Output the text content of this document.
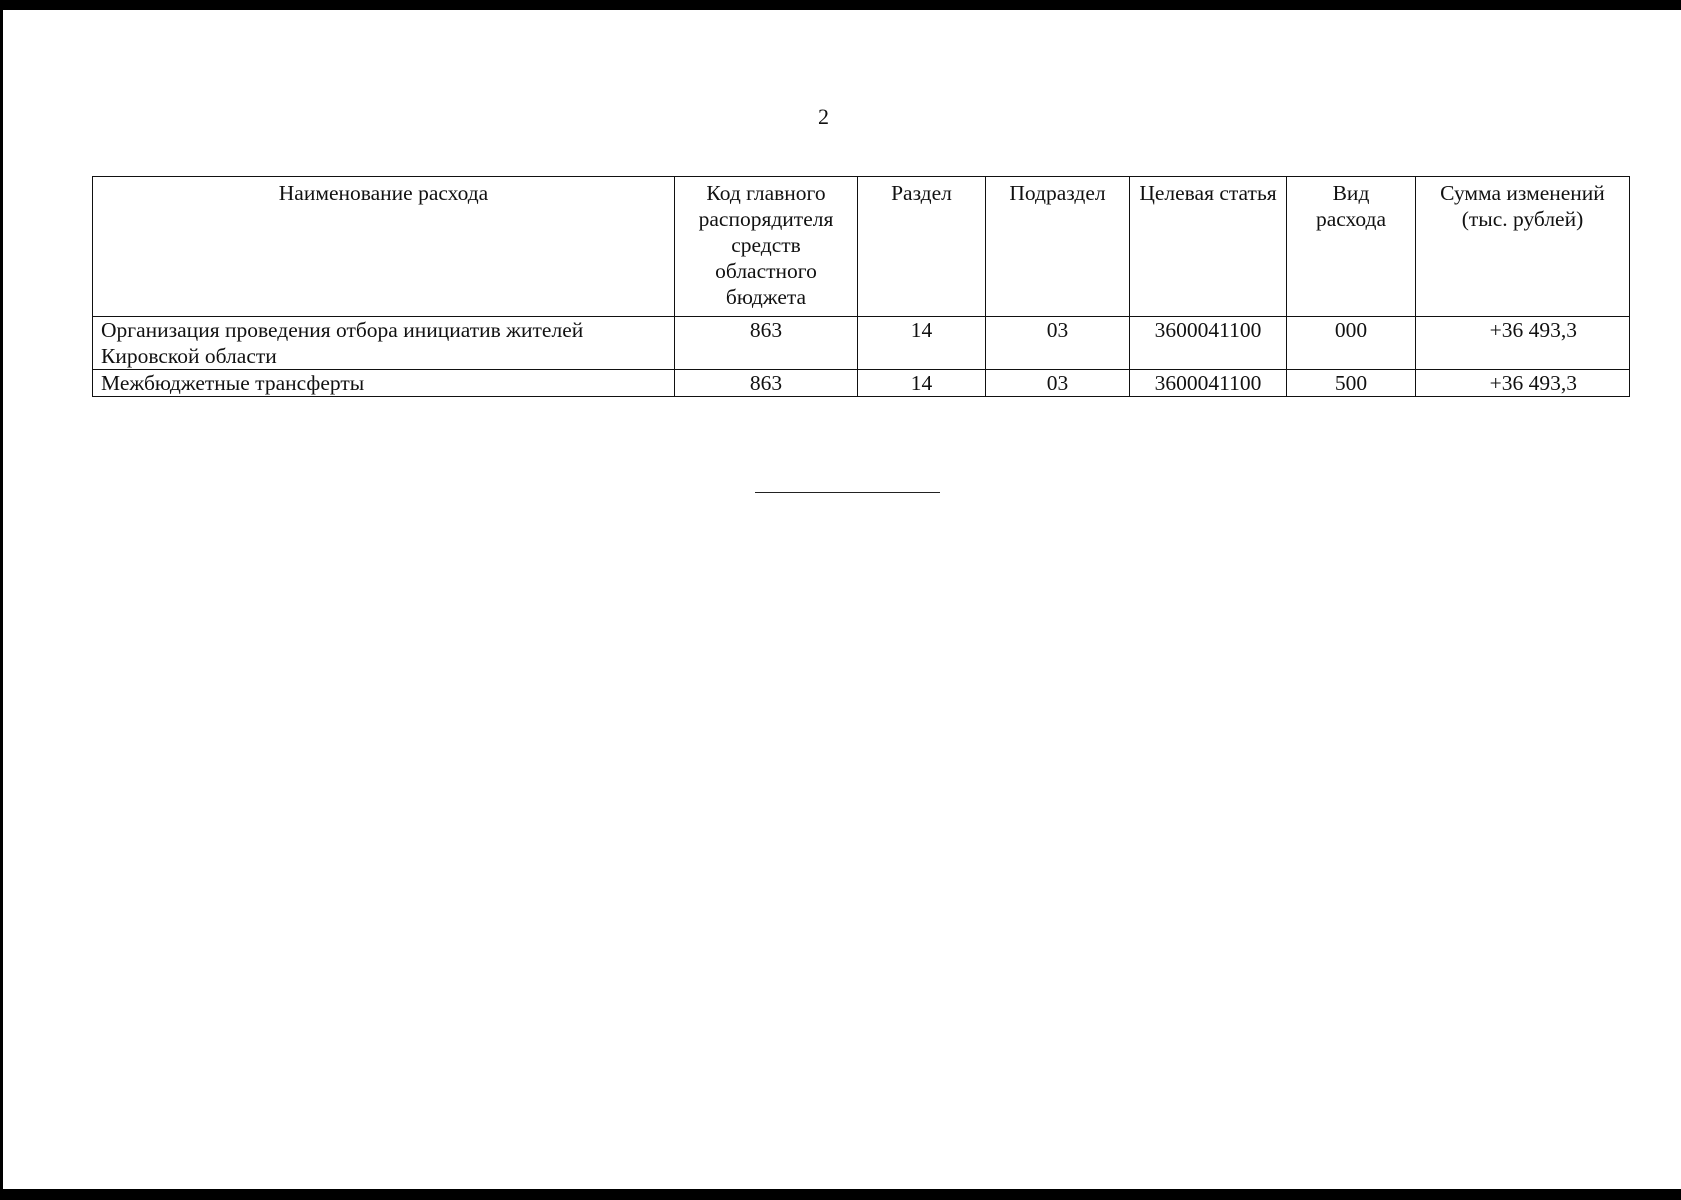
2
Наименование расхода	Код главного распорядителя средств областного бюджета	Раздел	Подраздел	Целевая статья	Вид расхода	Сумма изменений (тыс. рублей)
Организация проведения отбора инициатив жителей Кировской области	863	14	03	3600041100	000	+36 493,3
Межбюджетные трансферты	863	14	03	3600041100	500	+36 493,3
